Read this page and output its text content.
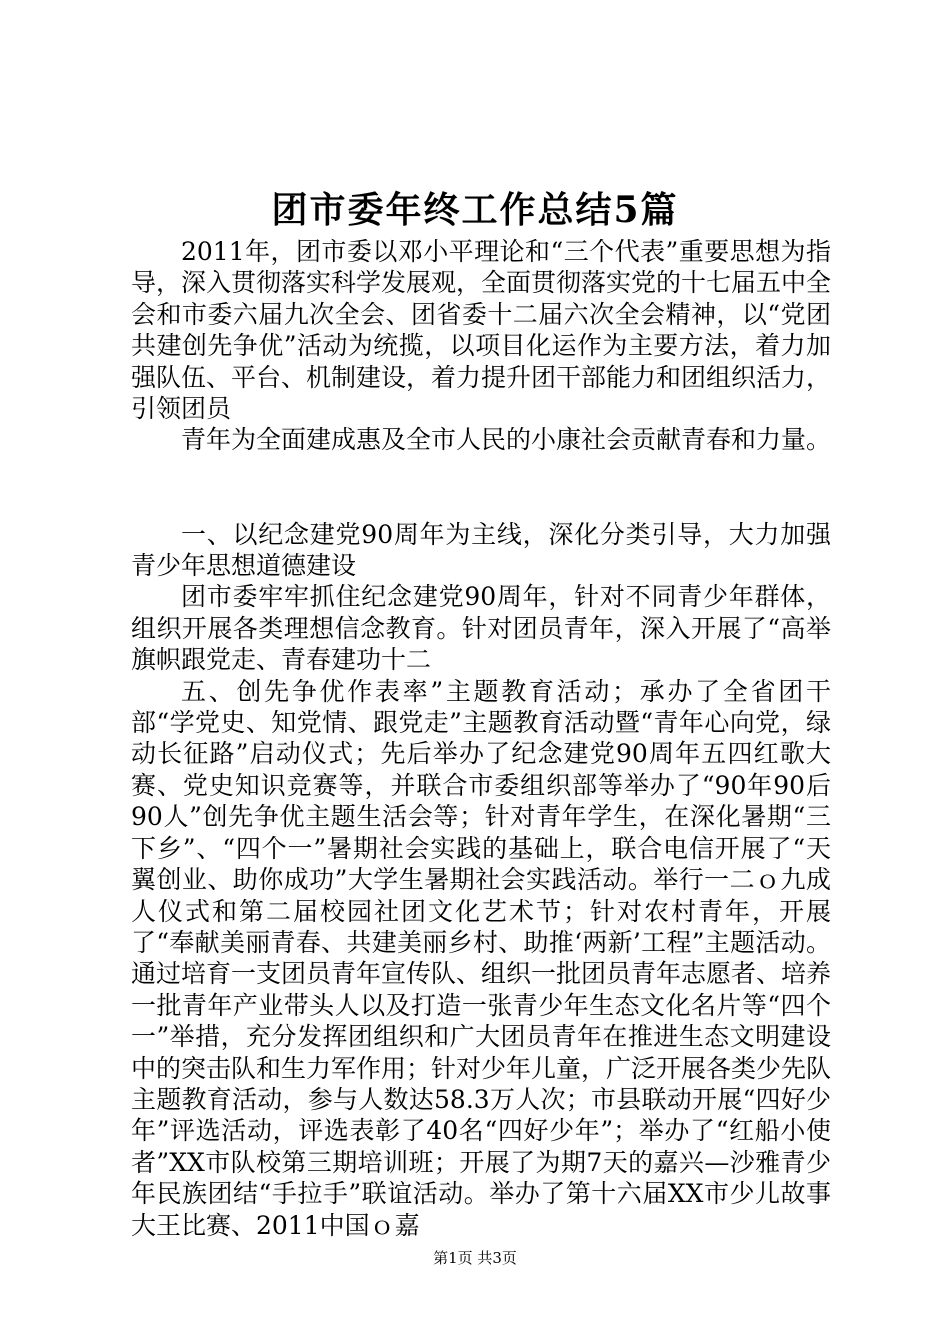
团市委年终工作总结5篇

2011年，团市委以邓小平理论和“三个代表”重要思想为指导，深入贯彻落实科学发展观，全面贯彻落实党的十七届五中全会和市委六届九次全会、团省委十二届六次全会精神，以“党团共建创先争优”活动为统揽，以项目化运作为主要方法，着力加强队伍、平台、机制建设，着力提升团干部能力和团组织活力，引领团员

青年为全面建成惠及全市人民的小康社会贡献青春和力量。

一、以纪念建党90周年为主线，深化分类引导，大力加强青少年思想道德建设

团市委牢牢抓住纪念建党90周年，针对不同青少年群体，组织开展各类理想信念教育。针对团员青年，深入开展了“高举旗帜跟党走、青春建功十二

五、创先争优作表率”主题教育活动；承办了全省团干部“学党史、知党情、跟党走”主题教育活动暨“青年心向党，绿动长征路”启动仪式；先后举办了纪念建党90周年五四红歌大赛、党史知识竞赛等，并联合市委组织部等举办了“90年90后90人”创先争优主题生活会等；针对青年学生，在深化暑期“三下乡”、“四个一”暑期社会实践的基础上，联合电信开展了“天翼创业、助你成功”大学生暑期社会实践活动。举行一二ｏ九成人仪式和第二届校园社团文化艺术节；针对农村青年，开展了“奉献美丽青春、共建美丽乡村、助推‘两新’工程”主题活动。通过培育一支团员青年宣传队、组织一批团员青年志愿者、培养一批青年产业带头人以及打造一张青少年生态文化名片等“四个一”举措，充分发挥团组织和广大团员青年在推进生态文明建设中的突击队和生力军作用；针对少年儿童，广泛开展各类少先队主题教育活动，参与人数达58.3万人次；市县联动开展“四好少年”评选活动，评选表彰了40名“四好少年”；举办了“红船小使者”XX市队校第三期培训班；开展了为期7天的嘉兴—沙雅青少年民族团结“手拉手”联谊活动。举办了第十六届XX市少儿故事大王比赛、2011中国ｏ嘉

第1页 共3页
